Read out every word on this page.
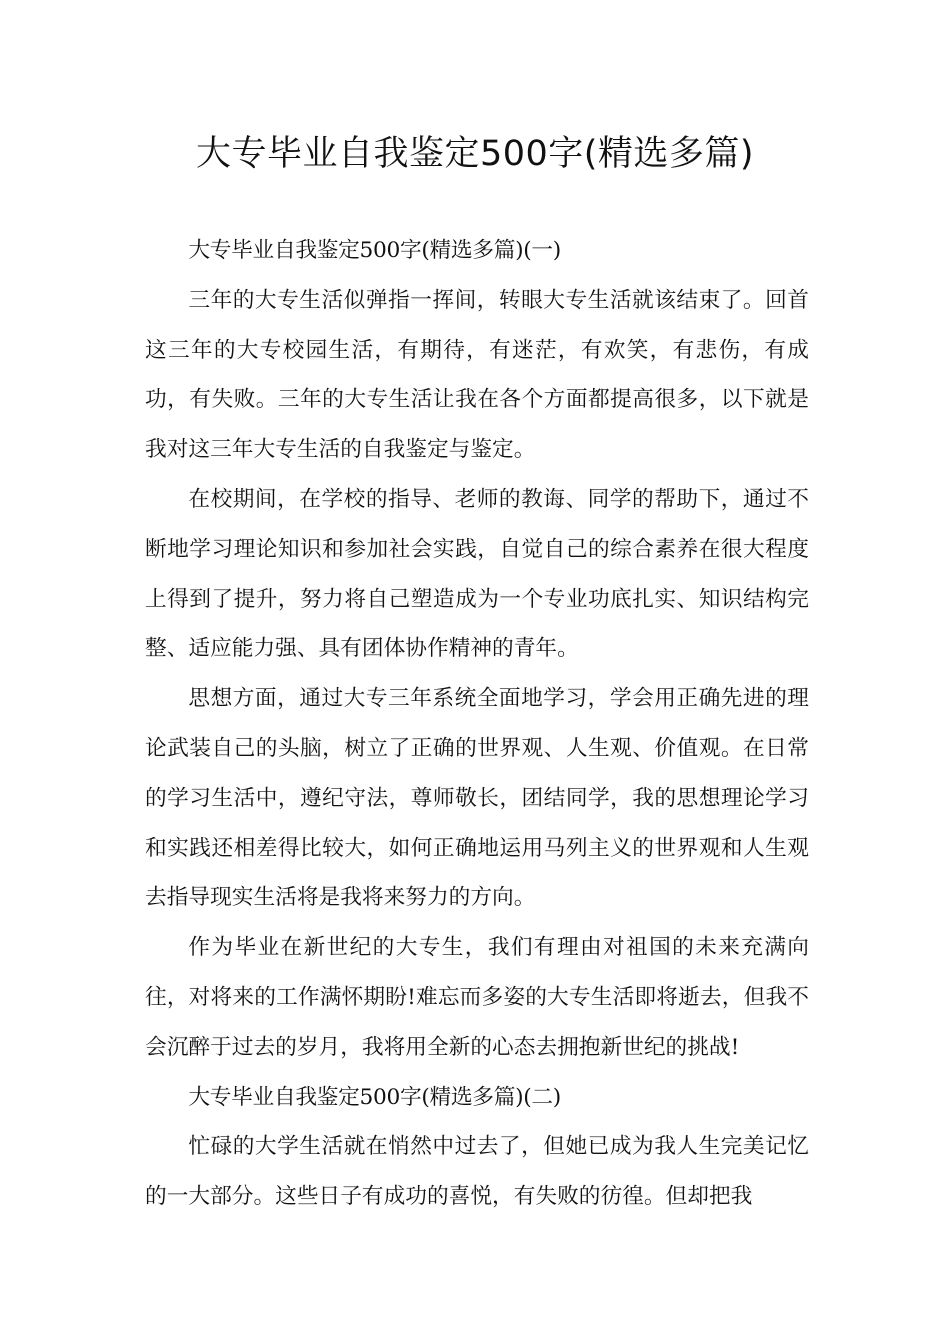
大专毕业自我鉴定500字(精选多篇)

大专毕业自我鉴定500字(精选多篇)(一)

三年的大专生活似弹指一挥间，转眼大专生活就该结束了。回首这三年的大专校园生活，有期待，有迷茫，有欢笑，有悲伤，有成功，有失败。三年的大专生活让我在各个方面都提高很多，以下就是我对这三年大专生活的自我鉴定与鉴定。

在校期间，在学校的指导、老师的教诲、同学的帮助下，通过不断地学习理论知识和参加社会实践，自觉自己的综合素养在很大程度上得到了提升，努力将自己塑造成为一个专业功底扎实、知识结构完整、适应能力强、具有团体协作精神的青年。

思想方面，通过大专三年系统全面地学习，学会用正确先进的理论武装自己的头脑，树立了正确的世界观、人生观、价值观。在日常的学习生活中，遵纪守法，尊师敬长，团结同学，我的思想理论学习和实践还相差得比较大，如何正确地运用马列主义的世界观和人生观去指导现实生活将是我将来努力的方向。

作为毕业在新世纪的大专生，我们有理由对祖国的未来充满向往，对将来的工作满怀期盼!难忘而多姿的大专生活即将逝去，但我不会沉醉于过去的岁月，我将用全新的心态去拥抱新世纪的挑战!

大专毕业自我鉴定500字(精选多篇)(二)

忙碌的大学生活就在悄然中过去了，但她已成为我人生完美记忆的一大部分。这些日子有成功的喜悦，有失败的彷徨。但却把我
